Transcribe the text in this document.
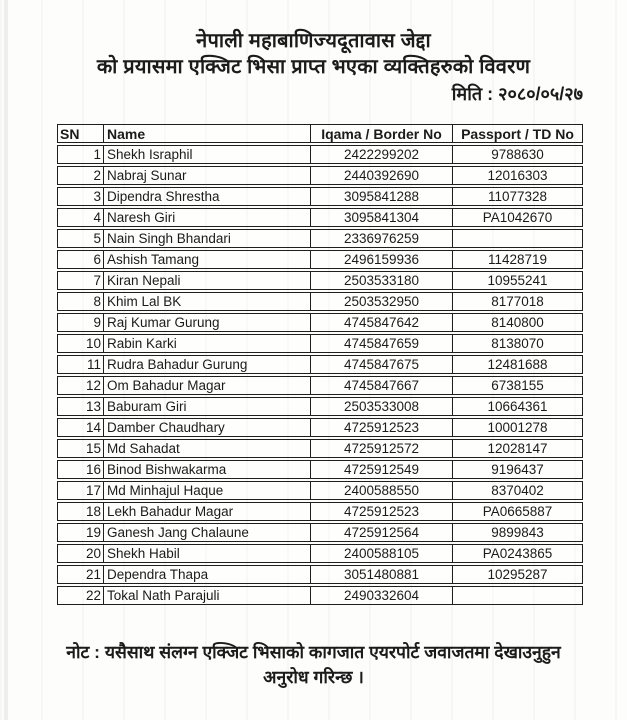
नेपाली महाबाणिज्यदूतावास जेद्दा
को प्रयासमा एक्जिट भिसा प्राप्त भएका व्यक्तिहरुको विवरण
मिति : २०८०/०५/२७
SN	Name	Iqama / Border No	Passport / TD No
1 Shekh Israphil	2422299202	9788630
2 Nabraj Sunar	2440392690	12016303
3 Dipendra Shrestha	3095841288	11077328
4 Naresh Giri	3095841304	PA1042670
5 Nain Singh Bhandari	2336976259
6 Ashish Tamang	2496159936	11428719
7 Kiran Nepali	2503533180	10955241
8 Khim Lal BK	2503532950	8177018
9 Raj Kumar Gurung	4745847642	8140800
10 Rabin Karki	4745847659	8138070
11 Rudra Bahadur Gurung	4745847675	12481688
12 Om Bahadur Magar	4745847667	6738155
13 Baburam Giri	2503533008	10664361
14 Damber Chaudhary	4725912523	10001278
15 Md Sahadat	4725912572	12028147
16 Binod Bishwakarma	4725912549	9196437
17 Md Minhajul Haque	2400588550	8370402
18 Lekh Bahadur Magar	4725912523	PA0665887
19 Ganesh Jang Chalaune	4725912564	9899843
20 Shekh Habil	2400588105	PA0243865
21 Dependra Thapa	3051480881	10295287
22 Tokal Nath Parajuli	2490332604
नोट : यसैसाथ संलग्न एक्जिट भिसाको कागजात एयरपोर्ट जवाजतमा देखाउनुहुन
अनुरोध गरिन्छ ।
